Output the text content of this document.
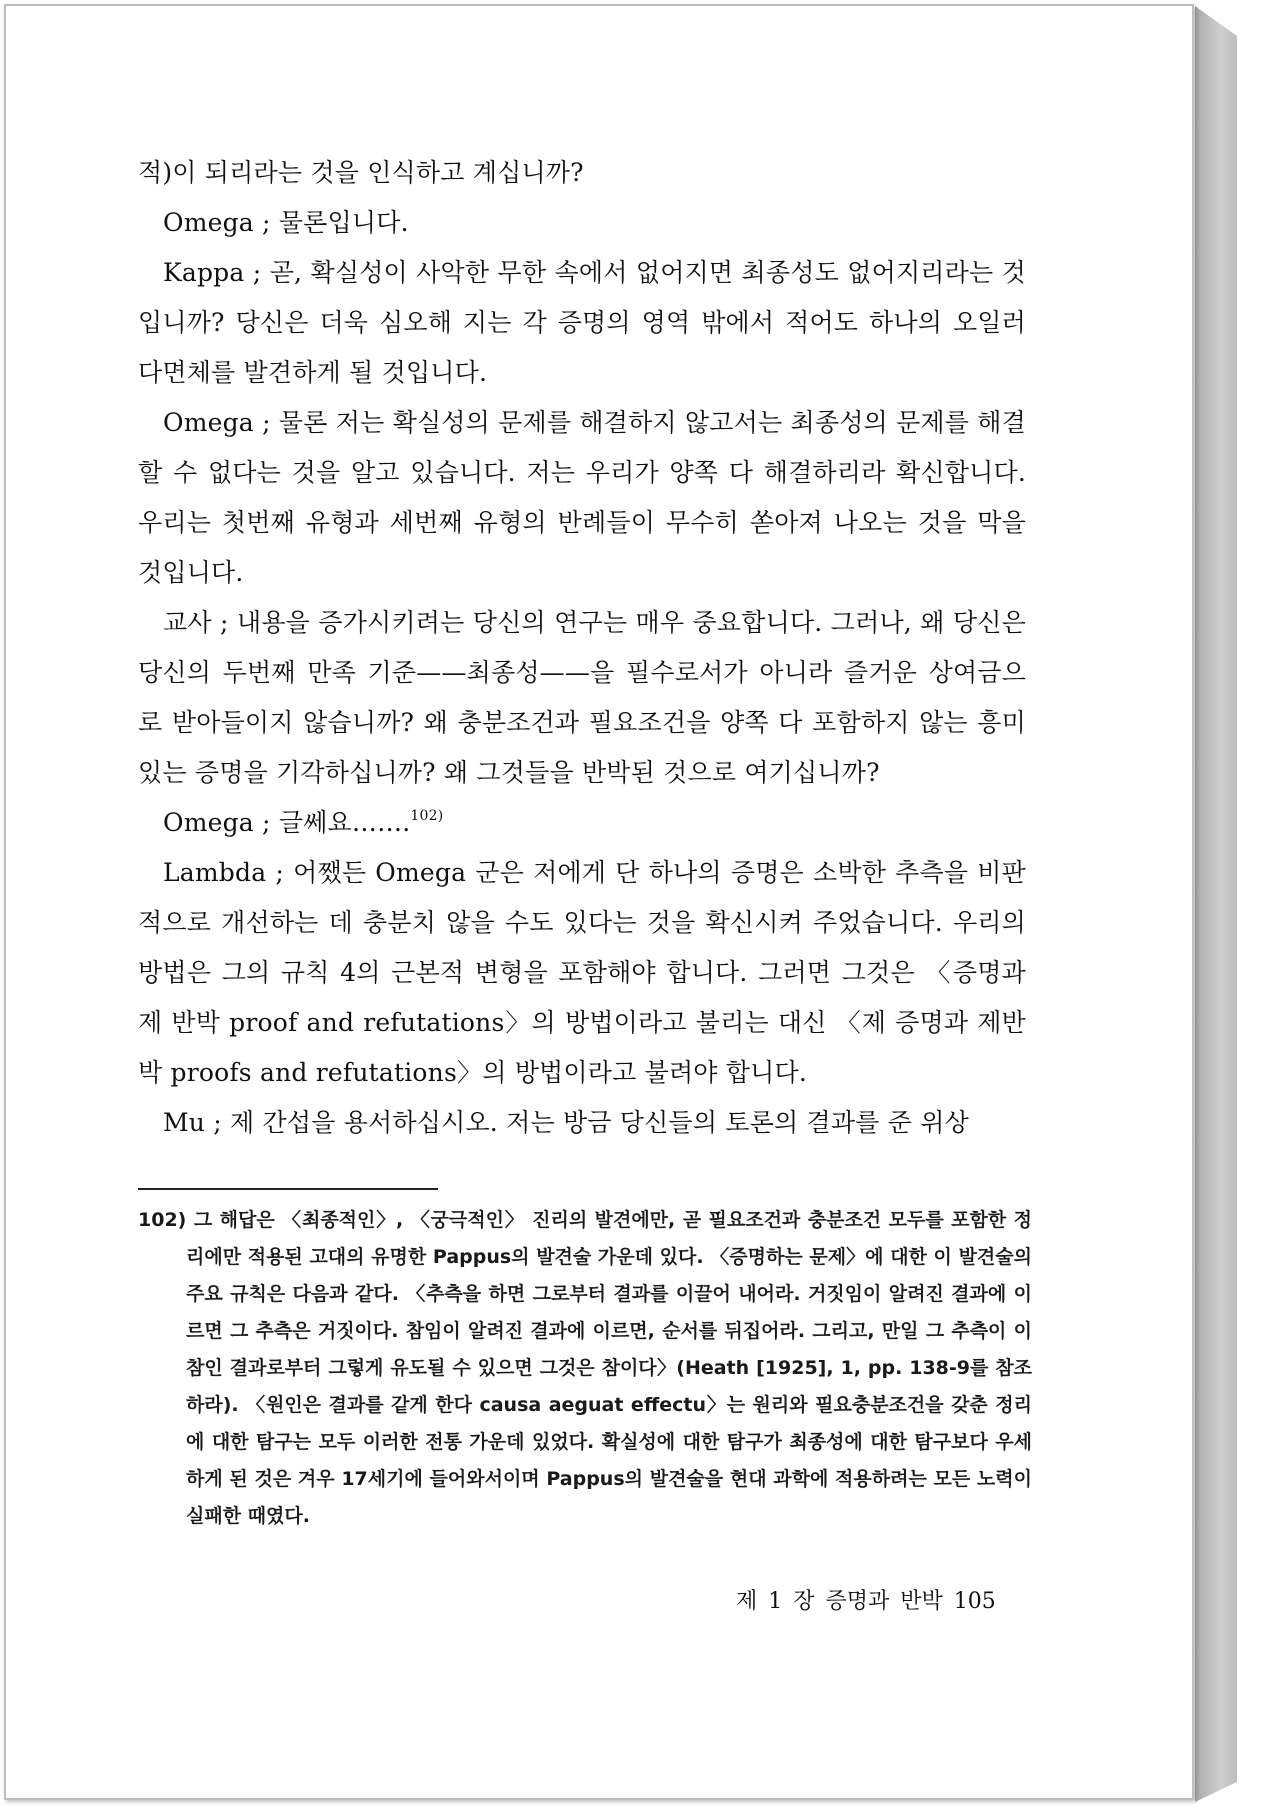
적)이 되리라는 것을 인식하고 계십니까?

Omega ; 물론입니다.

Kappa ; 곧, 확실성이 사악한 무한 속에서 없어지면 최종성도 없어지리라는 것입니까? 당신은 더욱 심오해 지는 각 증명의 영역 밖에서 적어도 하나의 오일러 다면체를 발견하게 될 것입니다.

Omega ; 물론 저는 확실성의 문제를 해결하지 않고서는 최종성의 문제를 해결할 수 없다는 것을 알고 있습니다. 저는 우리가 양쪽 다 해결하리라 확신합니다. 우리는 첫번째 유형과 세번째 유형의 반례들이 무수히 쏟아져 나오는 것을 막을 것입니다.

교사 ; 내용을 증가시키려는 당신의 연구는 매우 중요합니다. 그러나, 왜 당신은 당신의 두번째 만족 기준——최종성——을 필수로서가 아니라 즐거운 상여금으로 받아들이지 않습니까? 왜 충분조건과 필요조건을 양쪽 다 포함하지 않는 흥미있는 증명을 기각하십니까? 왜 그것들을 반박된 것으로 여기십니까?

Omega ; 글쎄요…….$^{102)}$

Lambda ; 어쨌든 Omega 군은 저에게 단 하나의 증명은 소박한 추측을 비판적으로 개선하는 데 충분치 않을 수도 있다는 것을 확신시켜 주었습니다. 우리의 방법은 그의 규칙 4의 근본적 변형을 포함해야 합니다. 그러면 그것은 〈증명과 제 반박 proof and refutations〉의 방법이라고 불리는 대신 〈제 증명과 제반박 proofs and refutations〉의 방법이라고 불려야 합니다.

Mu ; 제 간섭을 용서하십시오. 저는 방금 당신들의 토론의 결과를 준 위상

102) 그 해답은 〈최종적인〉, 〈궁극적인〉 진리의 발견에만, 곧 필요조건과 충분조건 모두를 포함한 정리에만 적용된 고대의 유명한 Pappus의 발견술 가운데 있다. 〈증명하는 문제〉에 대한 이 발견술의 주요 규칙은 다음과 같다. 〈추측을 하면 그로부터 결과를 이끌어 내어라. 거짓임이 알려진 결과에 이르면 그 추측은 거짓이다. 참임이 알려진 결과에 이르면, 순서를 뒤집어라. 그리고, 만일 그 추측이 이 참인 결과로부터 그렇게 유도될 수 있으면 그것은 참이다〉(Heath [1925], 1, pp. 138-9를 참조하라). 〈원인은 결과를 같게 한다 causa aeguat effectu〉는 원리와 필요충분조건을 갖춘 정리에 대한 탐구는 모두 이러한 전통 가운데 있었다. 확실성에 대한 탐구가 최종성에 대한 탐구보다 우세하게 된 것은 겨우 17세기에 들어와서이며 Pappus의 발견술을 현대 과학에 적용하려는 모든 노력이 실패한 때였다.

제 1 장 증명과 반박 105
